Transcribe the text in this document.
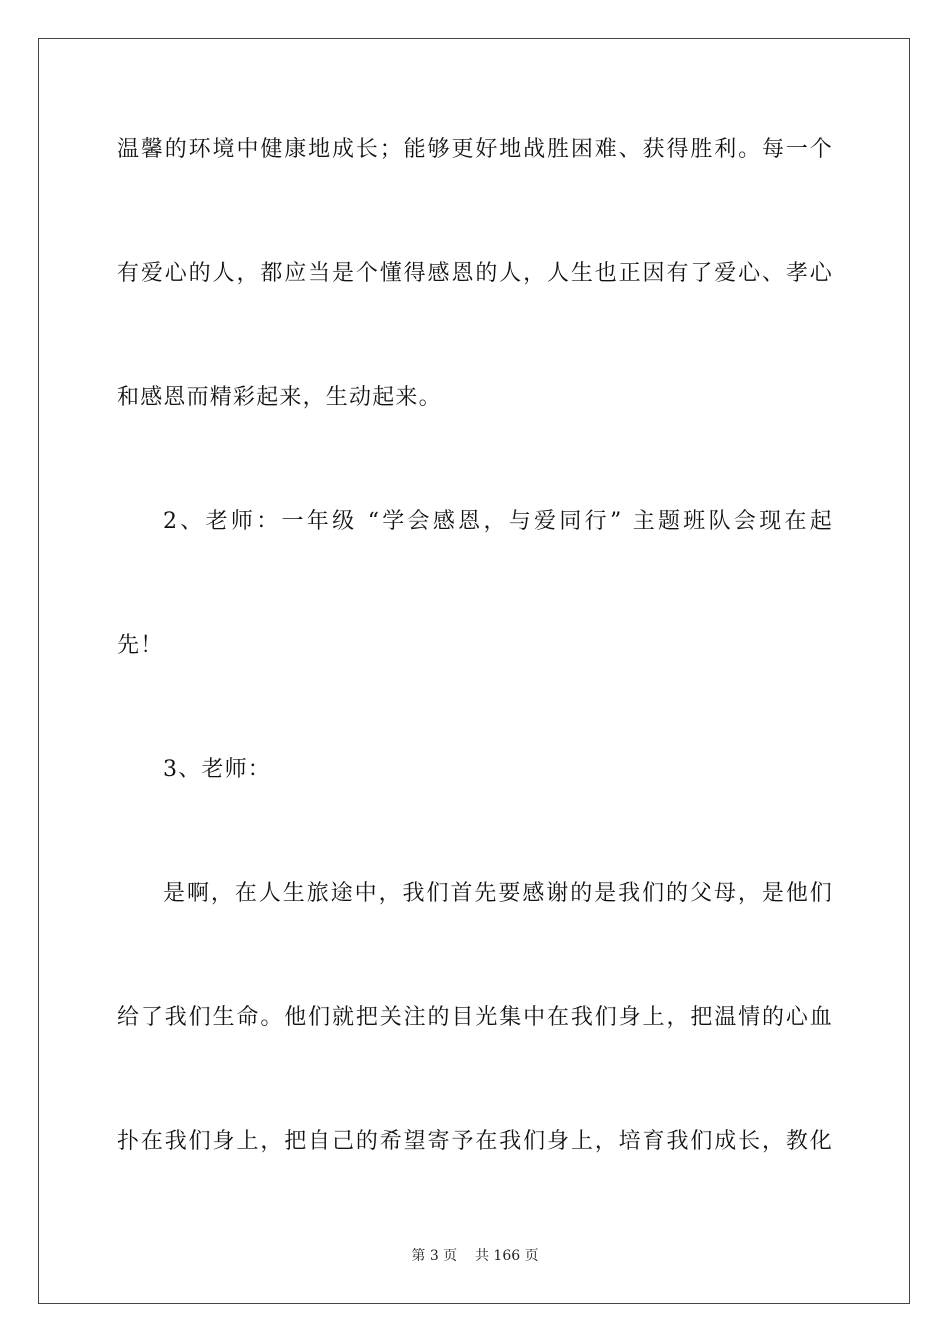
温馨的环境中健康地成长；能够更好地战胜困难、获得胜利。每一个
有爱心的人，都应当是个懂得感恩的人，人生也正因有了爱心、孝心
和感恩而精彩起来，生动起来。
2、老师：一年级 “学会感恩，与爱同行” 主题班队会现在起
先！
3、老师：
是啊，在人生旅途中，我们首先要感谢的是我们的父母，是他们
给了我们生命。他们就把关注的目光集中在我们身上，把温情的心血
扑在我们身上，把自己的希望寄予在我们身上，培育我们成长，教化
第 3 页    共 166 页
